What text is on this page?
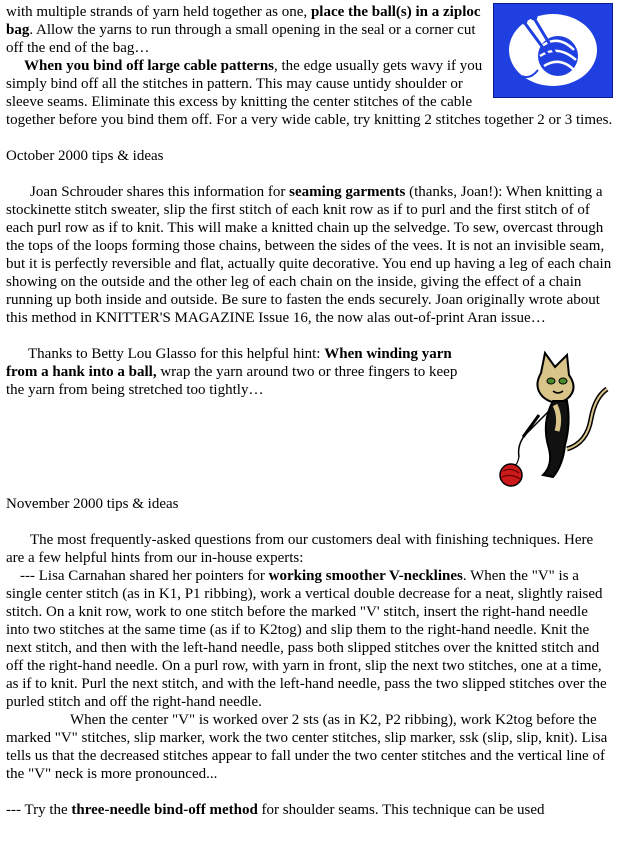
with multiple strands of yarn held together as one, place the ball(s) in a ziploc bag. Allow the yarns to run through a small opening in the seal or a corner cut off the end of the bag…

When you bind off large cable patterns, the edge usually gets wavy if you simply bind off all the stitches in pattern. This may cause untidy shoulder or sleeve seams. Eliminate this excess by knitting the center stitches of the cable together before you bind them off. For a very wide cable, try knitting 2 stitches together 2 or 3 times.

October 2000 tips & ideas

Joan Schrouder shares this information for seaming garments (thanks, Joan!): When knitting a stockinette stitch sweater, slip the first stitch of each knit row as if to purl and the first stitch of of each purl row as if to knit. This will make a knitted chain up the selvedge. To sew, overcast through the tops of the loops forming those chains, between the sides of the vees. It is not an invisible seam, but it is perfectly reversible and flat, actually quite decorative. You end up having a leg of each chain showing on the outside and the other leg of each chain on the inside, giving the effect of a chain running up both inside and outside. Be sure to fasten the ends securely. Joan originally wrote about this method in KNITTER'S MAGAZINE Issue 16, the now alas out-of-print Aran issue…

Thanks to Betty Lou Glasso for this helpful hint: When winding yarn from a hank into a ball, wrap the yarn around two or three fingers to keep the yarn from being stretched too tightly…

November 2000 tips & ideas

The most frequently-asked questions from our customers deal with finishing techniques. Here are a few helpful hints from our in-house experts:

--- Lisa Carnahan shared her pointers for working smoother V-necklines. When the "V" is a single center stitch (as in K1, P1 ribbing), work a vertical double decrease for a neat, slightly raised stitch. On a knit row, work to one stitch before the marked "V' stitch, insert the right-hand needle into two stitches at the same time (as if to K2tog) and slip them to the right-hand needle. Knit the next stitch, and then with the left-hand needle, pass both slipped stitches over the knitted stitch and off the right-hand needle. On a purl row, with yarn in front, slip the next two stitches, one at a time, as if to knit. Purl the next stitch, and with the left-hand needle, pass the two slipped stitches over the purled stitch and off the right-hand needle.

When the center "V" is worked over 2 sts (as in K2, P2 ribbing), work K2tog before the marked "V" stitches, slip marker, work the two center stitches, slip marker, ssk (slip, slip, knit). Lisa tells us that the decreased stitches appear to fall under the two center stitches and the vertical line of the "V" neck is more pronounced...

--- Try the three-needle bind-off method for shoulder seams. This technique can be used
